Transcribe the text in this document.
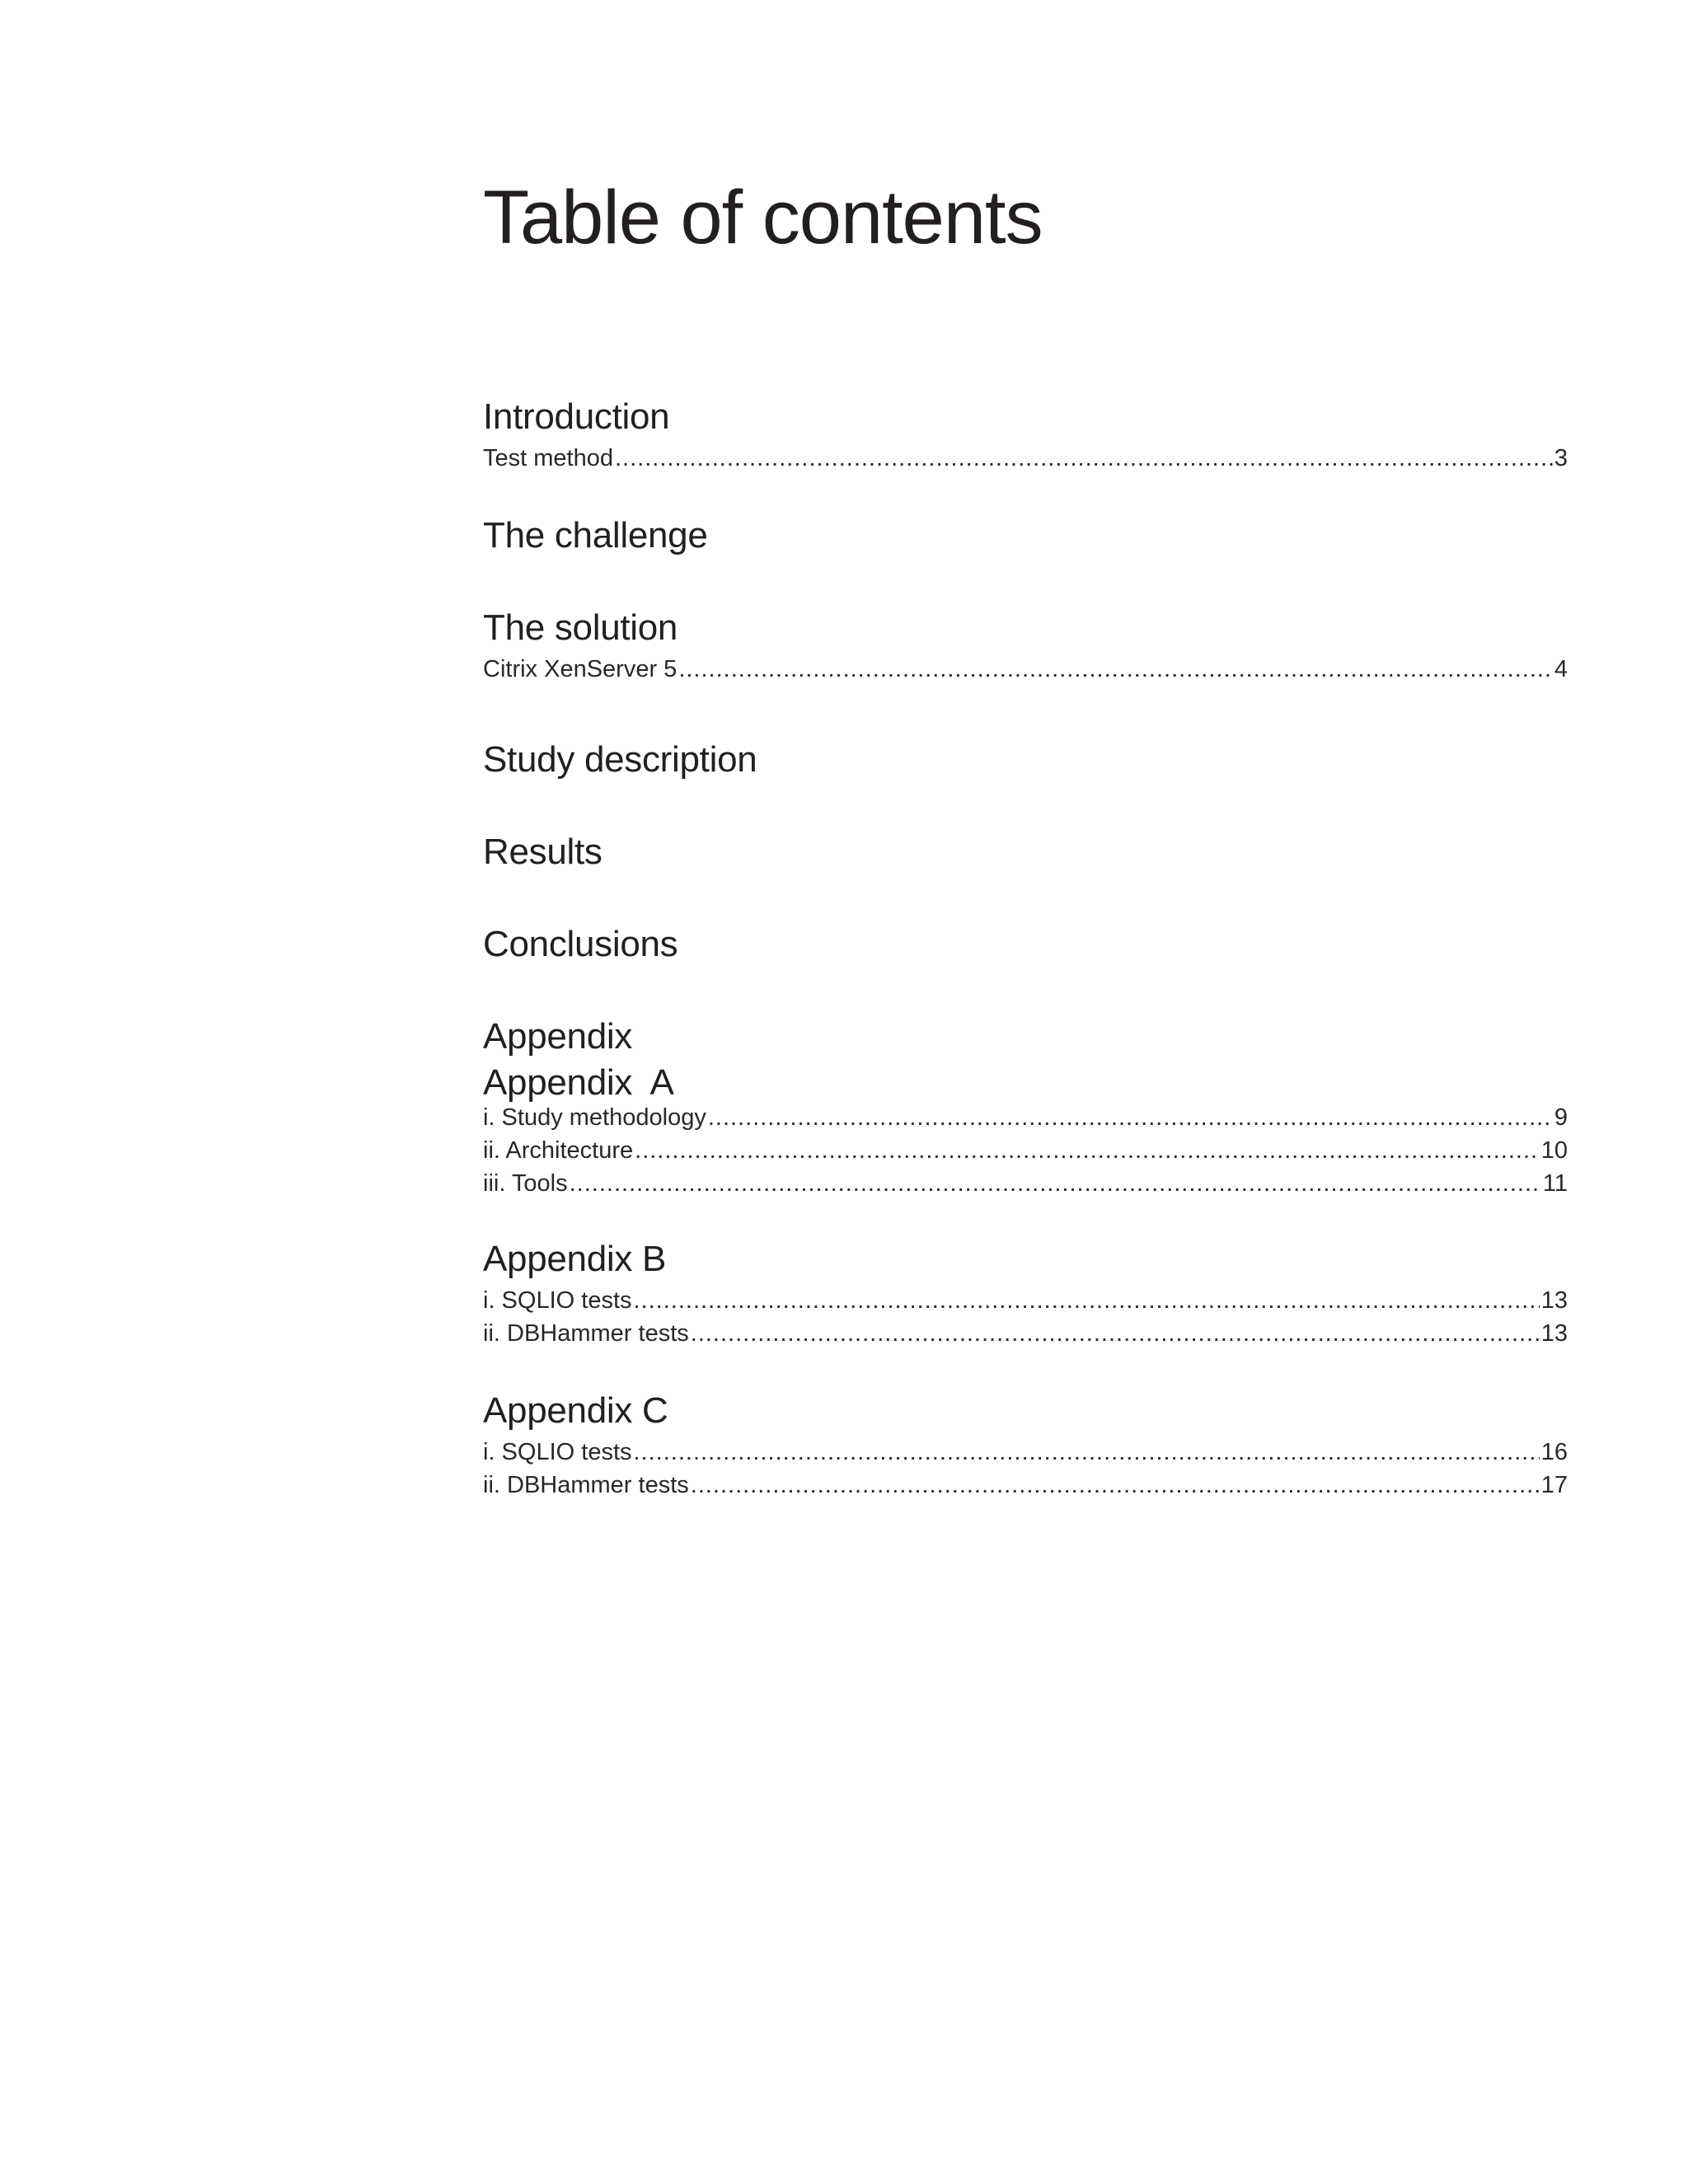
Table of contents
Introduction
Test method .....	3
The challenge
The solution
Citrix XenServer 5 .....	4
Study description
Results
Conclusions
Appendix
Appendix  A
i. Study methodology .....	9
ii. Architecture .....	10
iii. Tools .....	11
Appendix B
i. SQLIO tests .....	13
ii. DBHammer tests .....	13
Appendix C
i. SQLIO tests .....	16
ii. DBHammer tests .....	17
